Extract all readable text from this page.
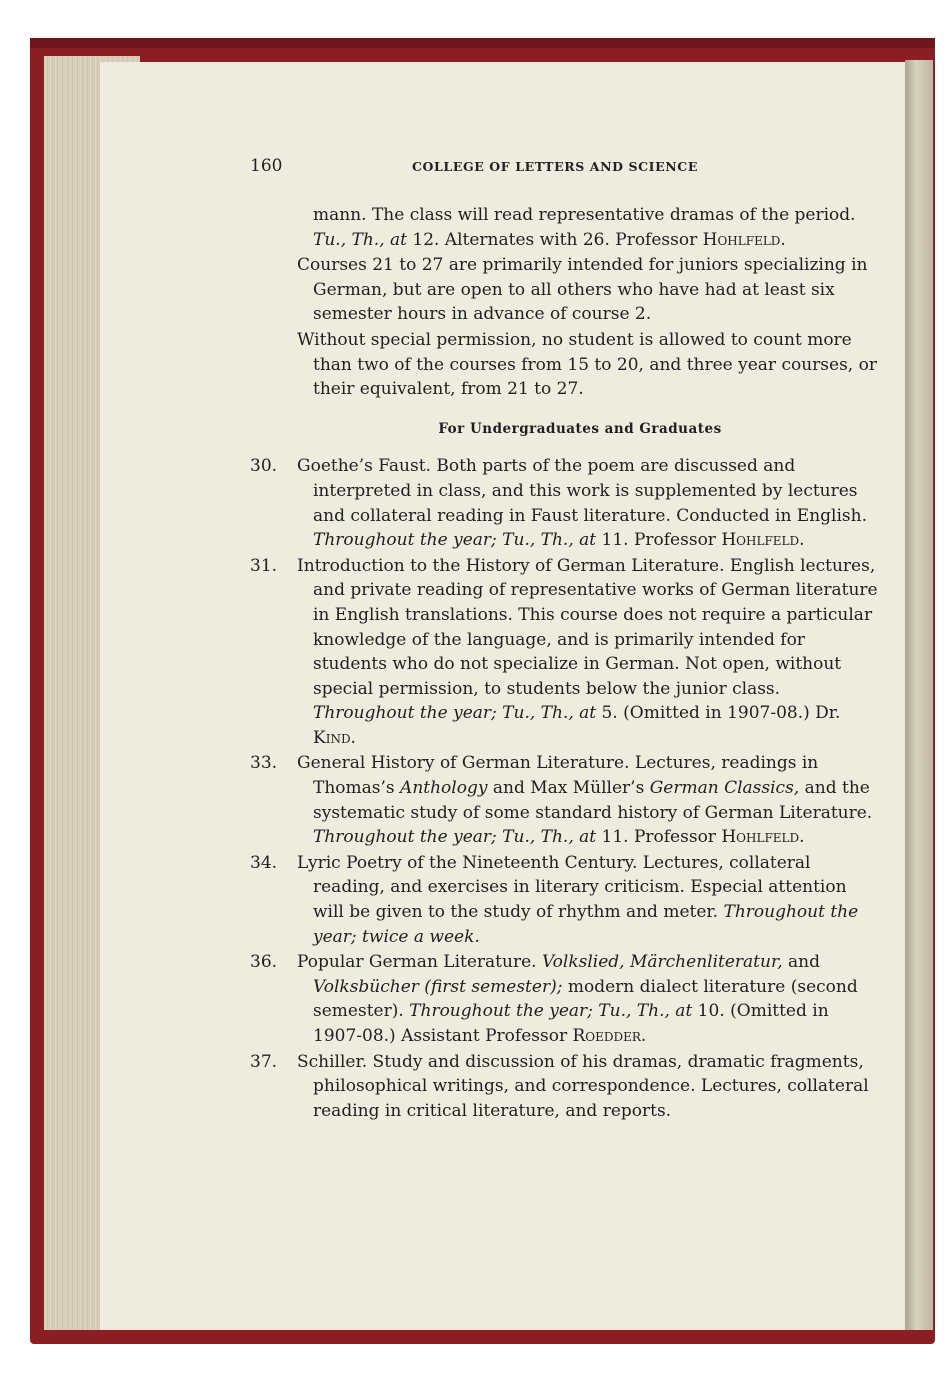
160	COLLEGE OF LETTERS AND SCIENCE

mann. The class will read representative dramas of the period. Tu., Th., at 12. Alternates with 26. Professor Hohlfeld.

Courses 21 to 27 are primarily intended for juniors specializing in German, but are open to all others who have had at least six semester hours in advance of course 2.

Without special permission, no student is allowed to count more than two of the courses from 15 to 20, and three year courses, or their equivalent, from 21 to 27.

For Undergraduates and Graduates

30.	Goethe’s Faust. Both parts of the poem are discussed and interpreted in class, and this work is supplemented by lectures and collateral reading in Faust literature. Conducted in English. Throughout the year; Tu., Th., at 11. Professor Hohlfeld.

31.	Introduction to the History of German Literature. English lectures, and private reading of representative works of German literature in English translations. This course does not require a particular knowledge of the language, and is primarily intended for students who do not specialize in German. Not open, without special permission, to students below the junior class. Throughout the year; Tu., Th., at 5. (Omitted in 1907-08.) Dr. Kind.

33.	General History of German Literature. Lectures, readings in Thomas’s Anthology and Max Müller’s German Classics, and the systematic study of some standard history of German Literature. Throughout the year; Tu., Th., at 11. Professor Hohlfeld.

34.	Lyric Poetry of the Nineteenth Century. Lectures, collateral reading, and exercises in literary criticism. Especial attention will be given to the study of rhythm and meter. Throughout the year; twice a week.

36.	Popular German Literature. Volkslied, Märchenliteratur, and Volksbücher (first semester); modern dialect literature (second semester). Throughout the year; Tu., Th., at 10. (Omitted in 1907-08.) Assistant Professor Roedder.

37.	Schiller. Study and discussion of his dramas, dramatic fragments, philosophical writings, and correspondence. Lectures, collateral reading in critical literature, and reports.
